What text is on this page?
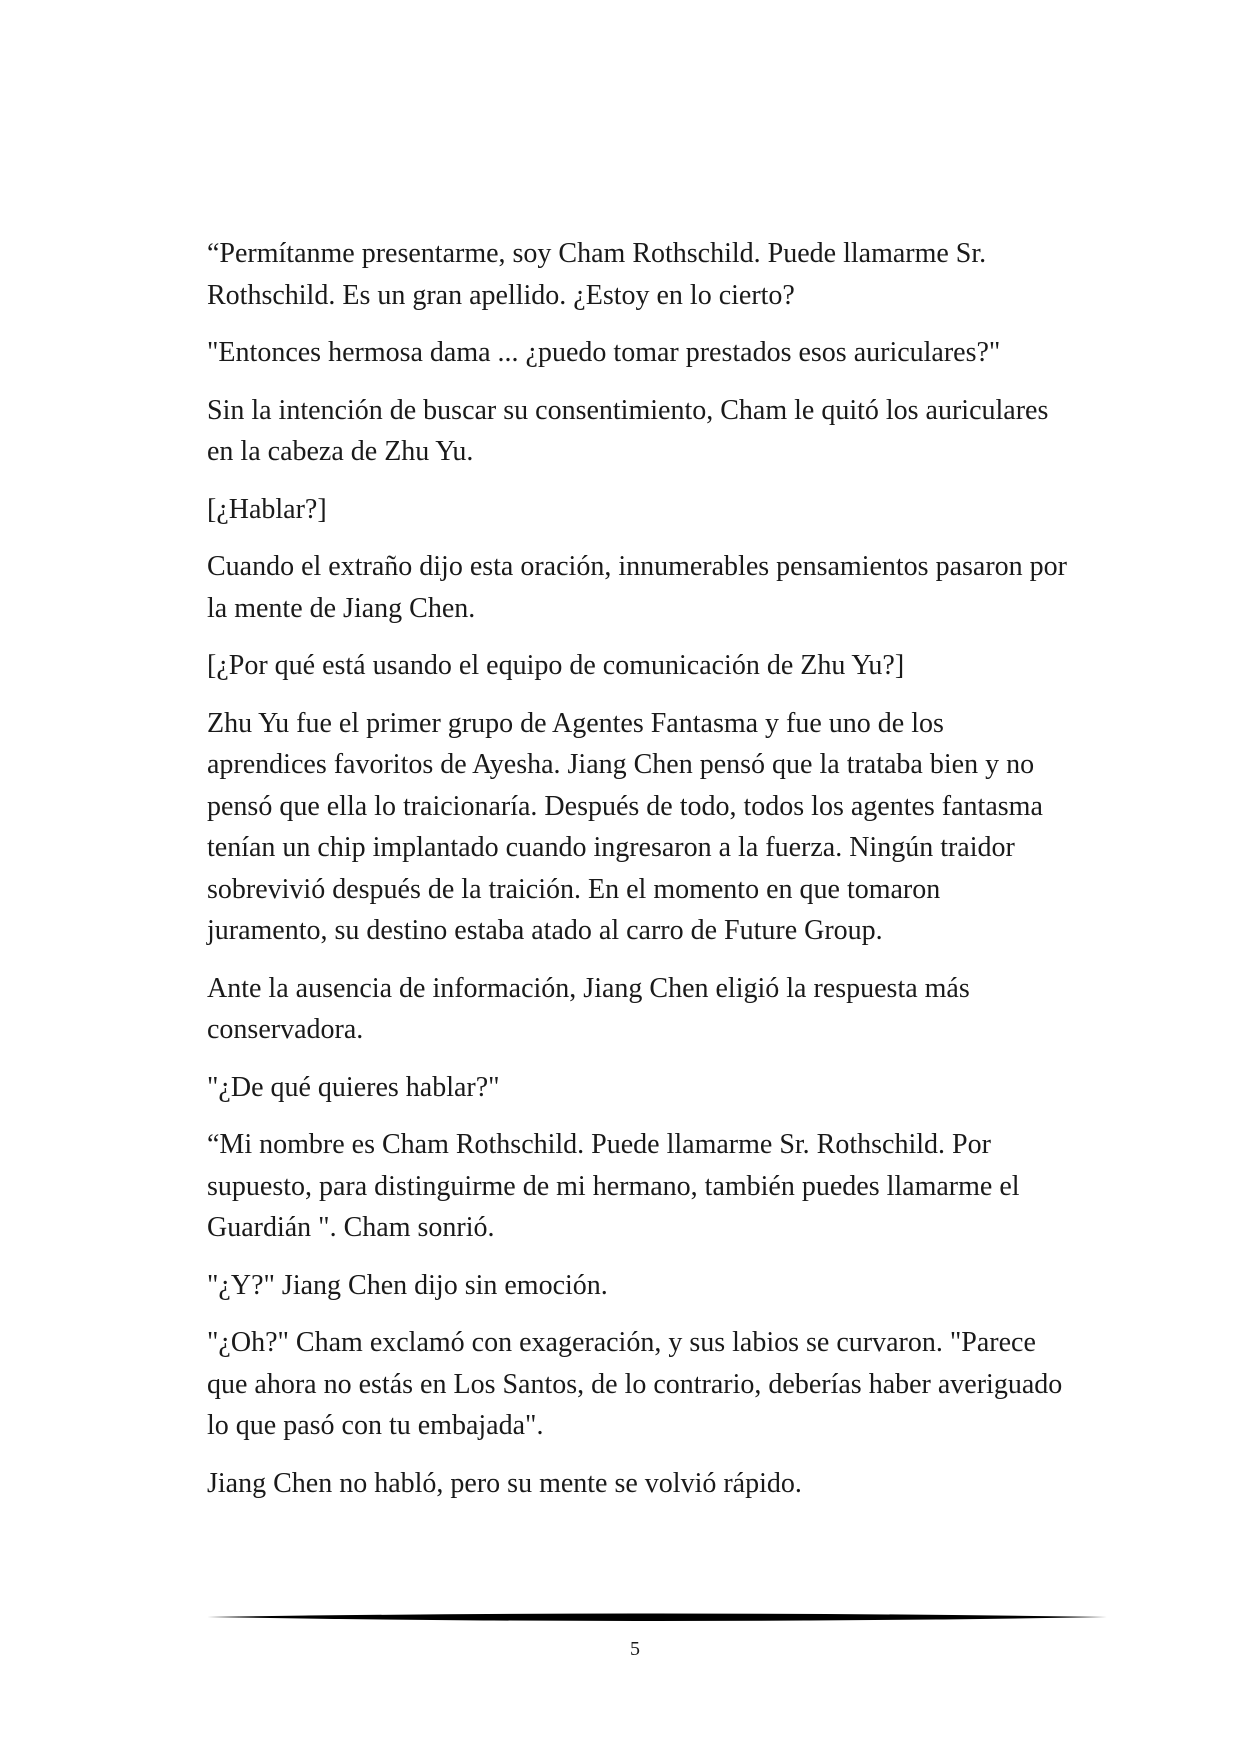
“Permítanme presentarme, soy Cham Rothschild. Puede llamarme Sr. Rothschild. Es un gran apellido. ¿Estoy en lo cierto?

"Entonces hermosa dama ... ¿puedo tomar prestados esos auriculares?"

Sin la intención de buscar su consentimiento, Cham le quitó los auriculares en la cabeza de Zhu Yu.

[¿Hablar?]

Cuando el extraño dijo esta oración, innumerables pensamientos pasaron por la mente de Jiang Chen.

[¿Por qué está usando el equipo de comunicación de Zhu Yu?]

Zhu Yu fue el primer grupo de Agentes Fantasma y fue uno de los aprendices favoritos de Ayesha. Jiang Chen pensó que la trataba bien y no pensó que ella lo traicionaría. Después de todo, todos los agentes fantasma tenían un chip implantado cuando ingresaron a la fuerza. Ningún traidor sobrevivió después de la traición. En el momento en que tomaron juramento, su destino estaba atado al carro de Future Group.

Ante la ausencia de información, Jiang Chen eligió la respuesta más conservadora.

"¿De qué quieres hablar?"

“Mi nombre es Cham Rothschild. Puede llamarme Sr. Rothschild. Por supuesto, para distinguirme de mi hermano, también puedes llamarme el Guardián ". Cham sonrió.

"¿Y?" Jiang Chen dijo sin emoción.

"¿Oh?" Cham exclamó con exageración, y sus labios se curvaron. "Parece que ahora no estás en Los Santos, de lo contrario, deberías haber averiguado lo que pasó con tu embajada".

Jiang Chen no habló, pero su mente se volvió rápido.

5
